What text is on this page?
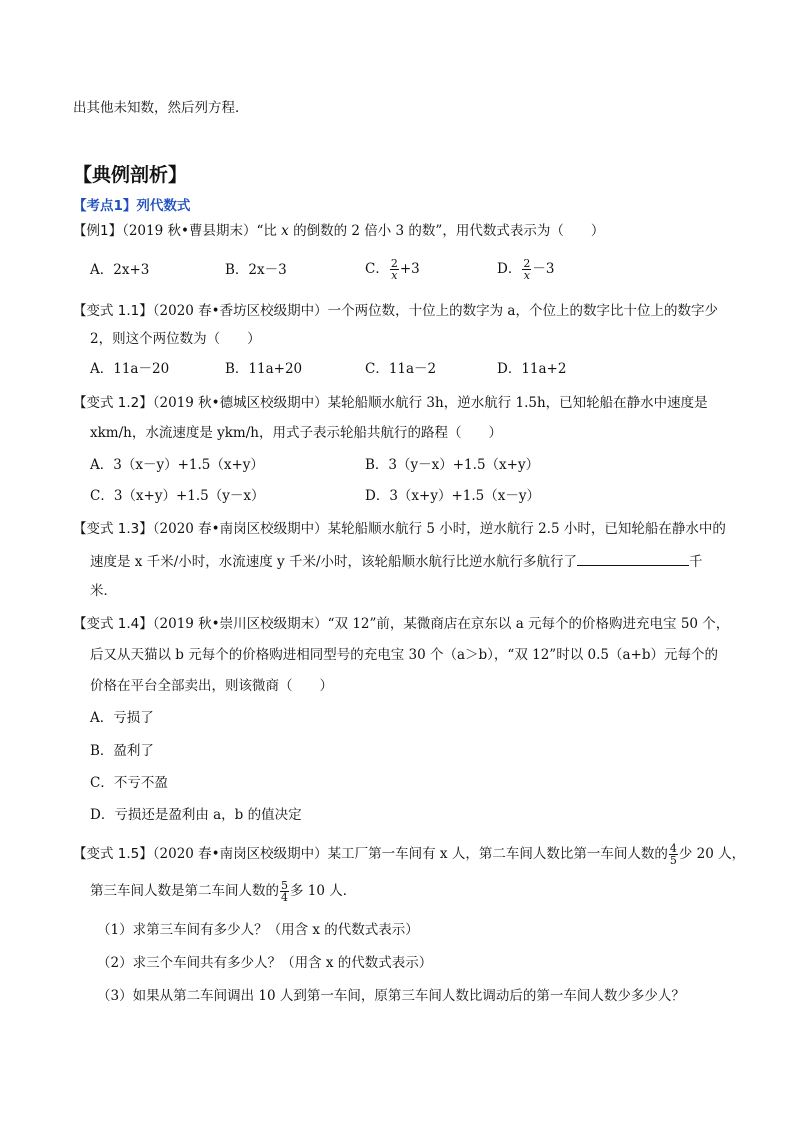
出其他未知数，然后列方程．
【典例剖析】
【考点1】列代数式
【例1】（2019 秋•曹县期末）“比 x 的倒数的 2 倍小 3 的数”，用代数式表示为（　　）
A．2x+3	B．2x－3	C． $\frac{2}{x} +3$	D． $\frac{2}{x} -3$
【变式 1.1】（2020 春•香坊区校级期中）一个两位数，十位上的数字为 a，个位上的数字比十位上的数字少
2，则这个两位数为（　　）
A．11a－20	B．11a+20	C．11a－2	D．11a+2
【变式 1.2】（2019 秋•德城区校级期中）某轮船顺水航行 3h，逆水航行 1.5h，已知轮船在静水中速度是
xkm/h，水流速度是 ykm/h，用式子表示轮船共航行的路程（　　）
A．3（x－y）+1.5（x+y）	B．3（y－x）+1.5（x+y）
C．3（x+y）+1.5（y－x）	D．3（x+y）+1.5（x－y）
【变式 1.3】（2020 春•南岗区校级期中）某轮船顺水航行 5 小时，逆水航行 2.5 小时，已知轮船在静水中的
速度是 x 千米/小时，水流速度 y 千米/小时，该轮船顺水航行比逆水航行多航行了	千
米．
【变式 1.4】（2019 秋•崇川区校级期末）“双 12”前，某微商店在京东以 a 元每个的价格购进充电宝 50 个，
后又从天猫以 b 元每个的价格购进相同型号的充电宝 30 个（a＞b），“双 12”时以 0.5（a+b）元每个的
价格在平台全部卖出，则该微商（　　）
A．亏损了
B．盈利了
C．不亏不盈
D．亏损还是盈利由 a，b 的值决定
【变式 1.5】（2020 春•南岗区校级期中）某工厂第一车间有 x 人，第二车间人数比第一车间人数的 $\frac{4}{5}$ 少 20 人，
第三车间人数是第二车间人数的 $\frac{5}{4}$ 多 10 人．
（1）求第三车间有多少人？（用含 x 的代数式表示）
（2）求三个车间共有多少人？（用含 x 的代数式表示）
（3）如果从第二车间调出 10 人到第一车间，原第三车间人数比调动后的第一车间人数少多少人？
